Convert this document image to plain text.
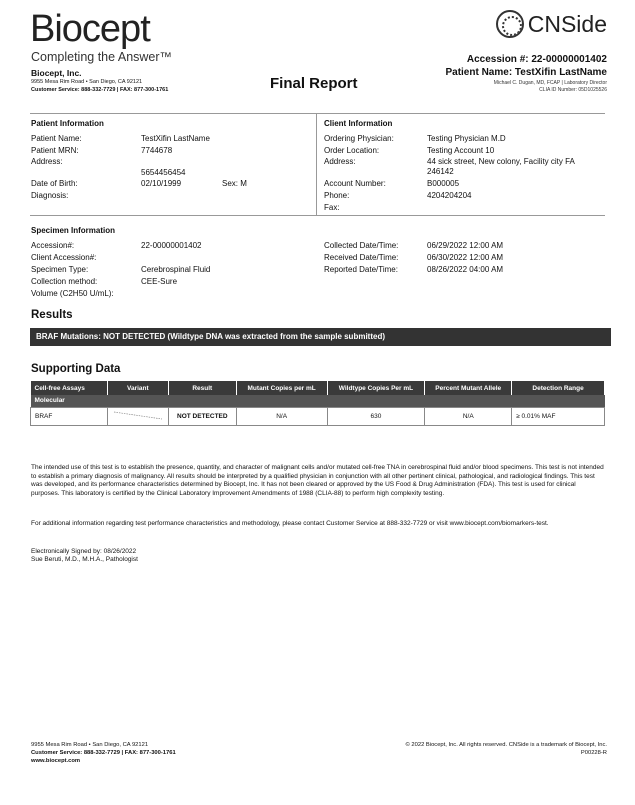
Biocept
Completing the Answer™
Biocept, Inc.
9955 Mesa Rim Road • San Diego, CA 92121
Customer Service: 888-332-7729 | FAX: 877-300-1761	Final Report
CNSide
Accession #: 22-00000001402
Patient Name: TestXifin LastName
Michael C. Dugan, MD, FCAP | Laboratory Director
CLIA ID Number: 05D1025526
Patient Information	Client Information
Patient Name:	TestXifin LastName
Patient MRN:	7744678
Address:
5654456454
Date of Birth:	02/10/1999	Sex: M
Diagnosis:
Ordering Physician:	Testing Physician M.D
Order Location:	Testing Account 10
Address:	44 sick street, New colony, Facility city FA
246142
Account Number:	B000005
Phone:	4204204204
Fax:
Specimen Information
Accession#:	22-00000001402
Client Accession#:
Specimen Type:	Cerebrospinal Fluid
Collection method:	CEE-Sure
Volume (C2H50 U/mL):
Collected Date/Time:	06/29/2022 12:00 AM
Received Date/Time:	06/30/2022 12:00 AM
Reported Date/Time:	08/26/2022 04:00 AM
Results
BRAF Mutations: NOT DETECTED (Wildtype DNA was extracted from the sample submitted)
Supporting Data
Cell-free Assays	Variant	Result	Mutant Copies per mL	Wildtype Copies Per mL	Percent Mutant Allele	Detection Range
Molecular						
BRAF		NOT DETECTED	N/A	630	N/A	≥ 0.01% MAF
The intended use of this test is to establish the presence, quantity, and character of malignant cells and/or mutated cell-free TNA in cerebrospinal fluid and/or blood specimens. This test is not intended to establish a primary diagnosis of malignancy. All results should be interpreted by a qualified physician in conjunction with all other pertinent clinical, pathological, and radiological findings. This test was developed, and its performance characteristics determined by Biocept, Inc. It has not been cleared or approved by the US Food & Drug Administration (FDA). This test is used for clinical purposes. This laboratory is certified by the Clinical Laboratory Improvement Amendments of 1988 (CLIA-88) to perform high complexity testing.
For additional information regarding test performance characteristics and methodology, please contact Customer Service at 888-332-7729 or visit www.biocept.com/biomarkers-test.
Electronically Signed by: 08/26/2022
Sue Beruti, M.D., M.H.A., Pathologist
9955 Mesa Rim Road • San Diego, CA 92121
Customer Service: 888-332-7729 | FAX: 877-300-1761
www.biocept.com
© 2022 Biocept, Inc. All rights reserved. CNSide is a trademark of Biocept, Inc.
P00228-R
